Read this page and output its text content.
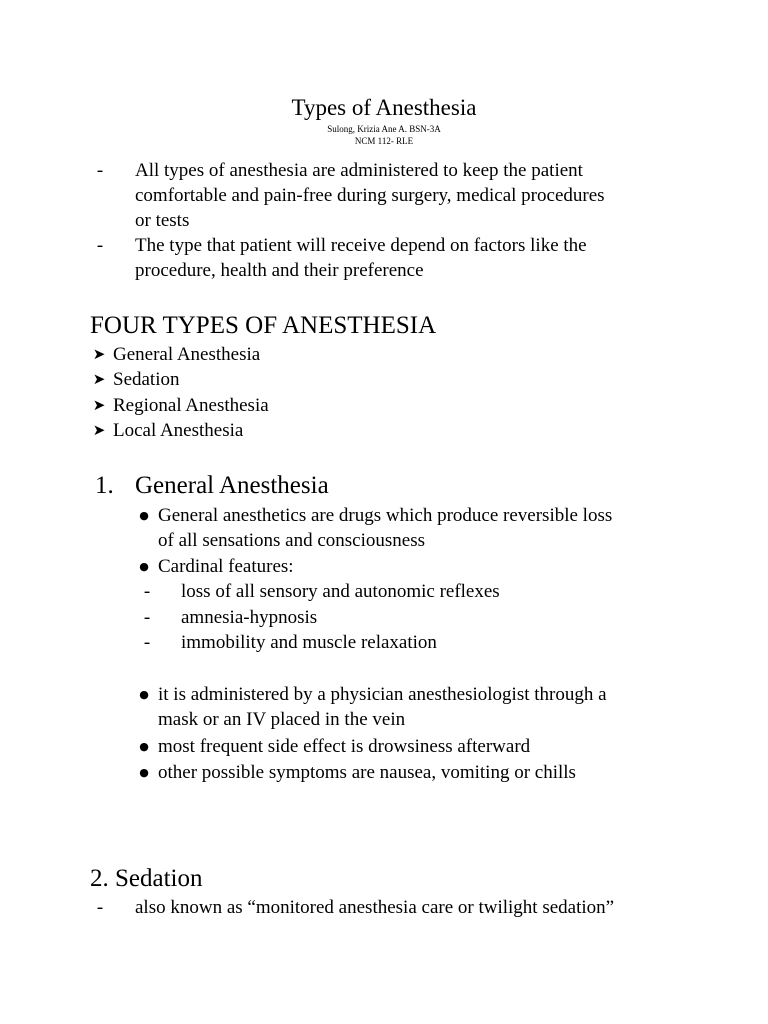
Types of Anesthesia
Sulong, Krizia Ane A. BSN-3A
NCM 112- RLE
-	All types of anesthesia are administered to keep the patient
comfortable and pain-free during surgery, medical procedures
or tests
-	The type that patient will receive depend on factors like the
procedure, health and their preference
FOUR TYPES OF ANESTHESIA
➤ General Anesthesia
➤ Sedation
➤ Regional Anesthesia
➤ Local Anesthesia
1. General Anesthesia
● General anesthetics are drugs which produce reversible loss
of all sensations and consciousness
● Cardinal features:
-	loss of all sensory and autonomic reflexes
-	amnesia-hypnosis
-	immobility and muscle relaxation
● it is administered by a physician anesthesiologist through a
mask or an IV placed in the vein
● most frequent side effect is drowsiness afterward
● other possible symptoms are nausea, vomiting or chills
2. Sedation
-	also known as “monitored anesthesia care or twilight sedation”
